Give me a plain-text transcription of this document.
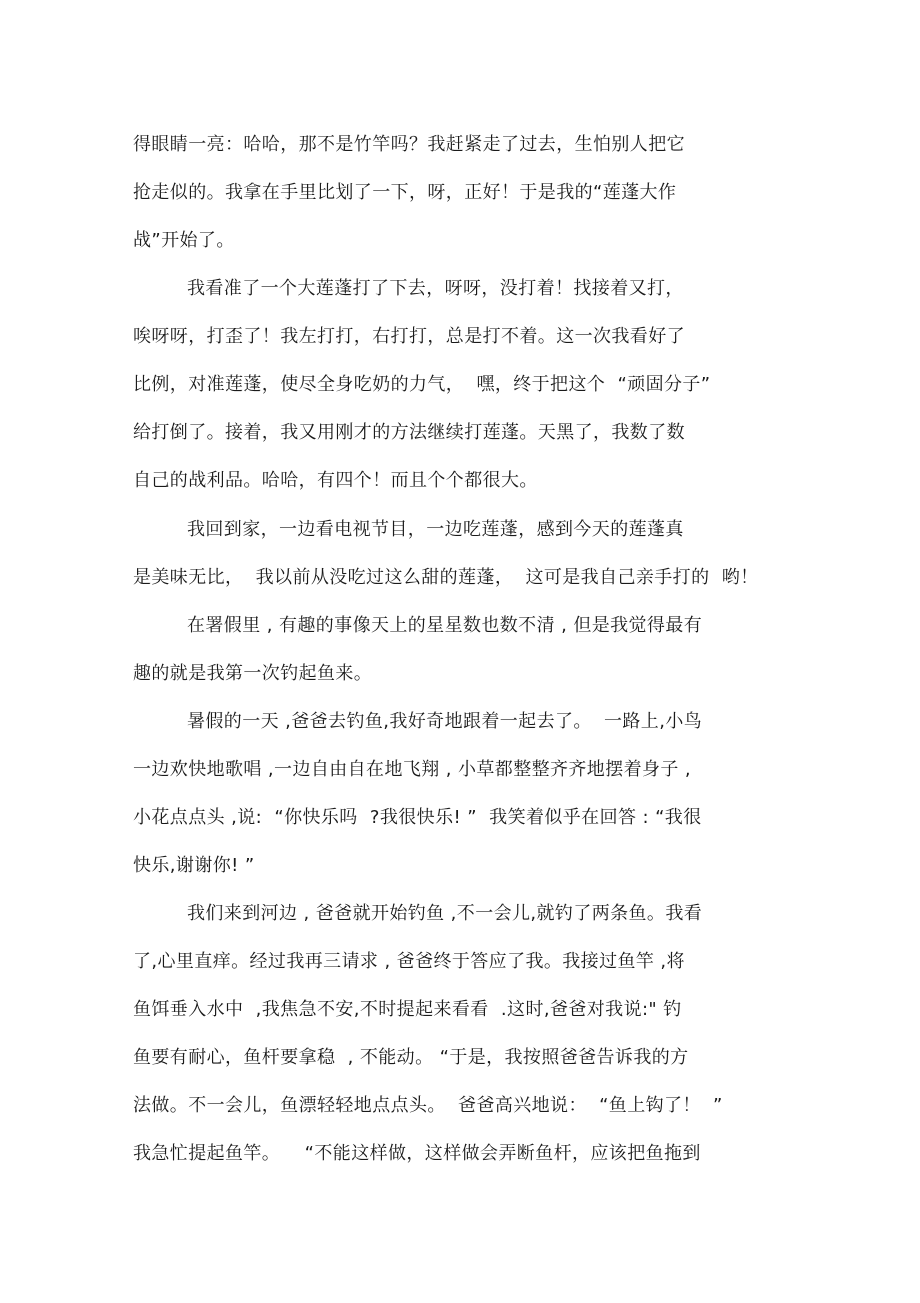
得眼睛一亮：哈哈，那不是竹竿吗？我赶紧走了过去，生怕别人把它
抢走似的。我拿在手里比划了一下，呀，正好！于是我的“莲蓬大作
战”开始了。
我看准了一个大莲蓬打了下去，呀呀，没打着！找接着又打，
唉呀呀，打歪了！我左打打，右打打，总是打不着。这一次我看好了
比例，对准莲蓬，使尽全身吃奶的力气，  嘿，终于把这个  “顽固分子”
给打倒了。接着，我又用刚才的方法继续打莲蓬。天黑了，我数了数
自己的战利品。哈哈，有四个！而且个个都很大。
我回到家，一边看电视节目，一边吃莲蓬，感到今天的莲蓬真
是美味无比，  我以前从没吃过这么甜的莲蓬，  这可是我自己亲手打的  哟！
在署假里 , 有趣的事像天上的星星数也数不清 , 但是我觉得最有
趣的就是我第一次钓起鱼来。
暑假的一天 ,爸爸去钓鱼,我好奇地跟着一起去了。  一路上,小鸟
一边欢快地歌唱 ,一边自由自在地飞翔 , 小草都整整齐齐地摆着身子 ,
小花点点头 ,说:  “你快乐吗  ?我很快乐! ”  我笑着似乎在回答 : “我很
快乐,谢谢你! ”
我们来到河边 , 爸爸就开始钓鱼 ,不一会儿,就钓了两条鱼。我看
了,心里直痒。经过我再三请求 , 爸爸终于答应了我。我接过鱼竿 ,将
鱼饵垂入水中  ,我焦急不安,不时提起来看看  .这时,爸爸对我说:" 钓
鱼要有耐心，鱼杆要拿稳  , 不能动。 “于是，我按照爸爸告诉我的方
法做。不一会儿，鱼漂轻轻地点点头。  爸爸高兴地说：  “鱼上钩了！  ”
我急忙提起鱼竿。    “不能这样做，这样做会弄断鱼杆，应该把鱼拖到
